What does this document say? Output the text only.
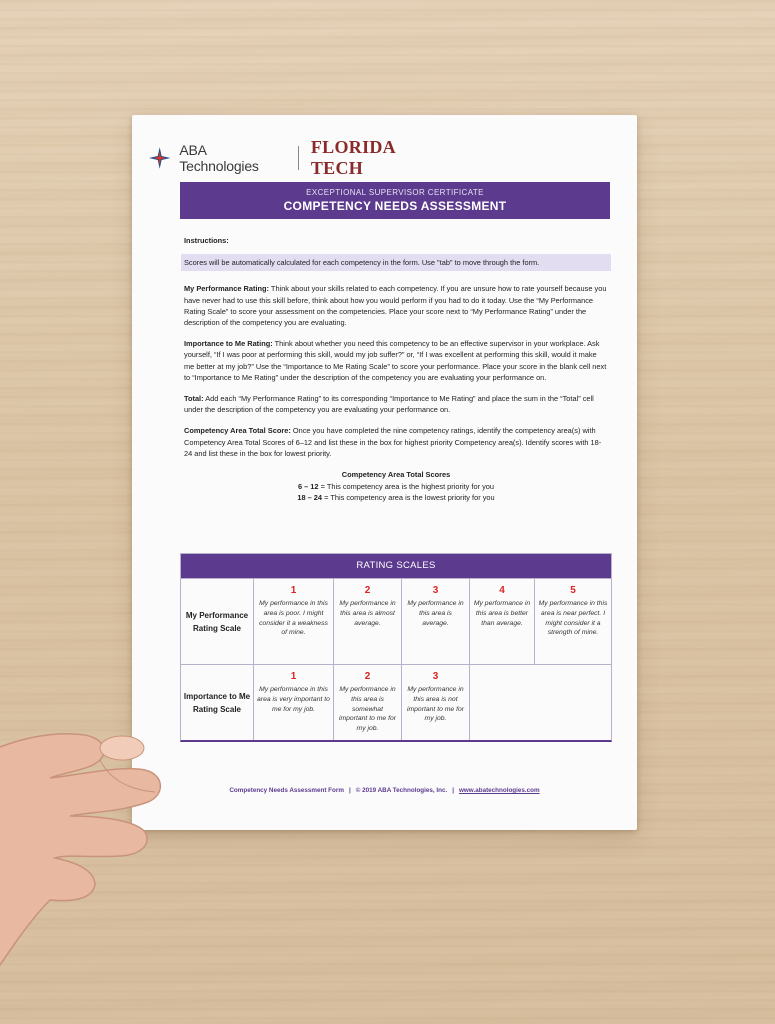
ABA Technologies
FLORIDA TECH
EXCEPTIONAL SUPERVISOR CERTIFICATE
COMPETENCY NEEDS ASSESSMENT

Instructions:

Scores will be automatically calculated for each competency in the form. Use "tab" to move through the form.

My Performance Rating: Think about your skills related to each competency. If you are unsure how to rate yourself because you have never had to use this skill before, think about how you would perform if you had to do it today. Use the “My Performance Rating Scale” to score your assessment on the competencies. Place your score next to “My Performance Rating” under the description of the competency you are evaluating.

Importance to Me Rating: Think about whether you need this competency to be an effective supervisor in your workplace. Ask yourself, “If I was poor at performing this skill, would my job suffer?” or, “If I was excellent at performing this skill, would it make me better at my job?” Use the “Importance to Me Rating Scale” to score your performance. Place your score in the blank cell next to “Importance to Me Rating” under the description of the competency you are evaluating your performance on.

Total: Add each “My Performance Rating” to its corresponding “Importance to Me Rating” and place the sum in the “Total” cell under the description of the competency you are evaluating your performance on.

Competency Area Total Score: Once you have completed the nine competency ratings, identify the competency area(s) with Competency Area Total Scores of 6–12 and list these in the box for highest priority Competency area(s). Identify scores with 18-24 and list these in the box for lowest priority.

Competency Area Total Scores
6 – 12 = This competency area is the highest priority for you
18 – 24 = This competency area is the lowest priority for you
RATING SCALES
My Performance Rating Scale
1
My performance in this area is poor. I might consider it a weakness of mine.
2
My performance in this area is almost average.
3
My performance in this area is average.
4
My performance in this area is better than average.
5
My performance in this area is near perfect. I might consider it a strength of mine.
Importance to Me Rating Scale
1
My performance in this area is very important to me for my job.
2
My performance in this area is somewhat important to me for my job.
3
My performance in this area is not important to me for my job.
Competency Needs Assessment Form | © 2019 ABA Technologies, Inc. | www.abatechnologies.com
